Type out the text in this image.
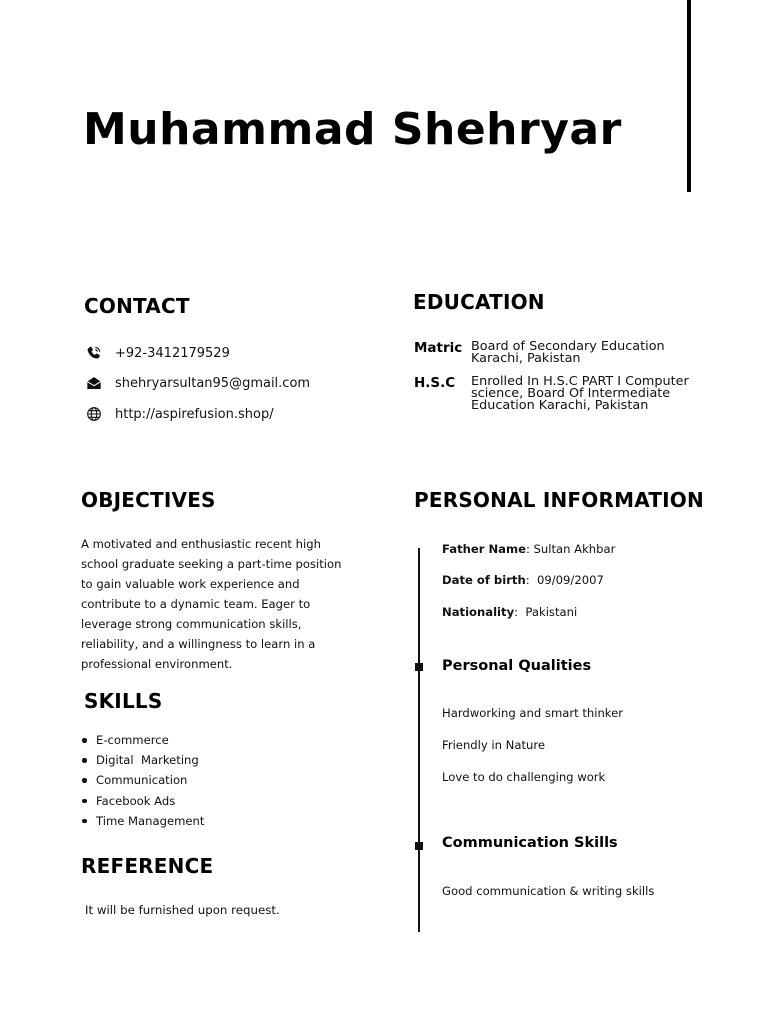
Muhammad Shehryar
CONTACT
+92-3412179529
shehryarsultan95@gmail.com
http://aspirefusion.shop/
EDUCATION
Matric Board of Secondary Education
Karachi, Pakistan
H.S.C Enrolled In H.S.C PART I Computer
science, Board Of Intermediate
Education Karachi, Pakistan
OBJECTIVES

A motivated and enthusiastic recent high school graduate seeking a part-time position to gain valuable work experience and contribute to a dynamic team. Eager to leverage strong communication skills, reliability, and a willingness to learn in a professional environment.

SKILLS
E-commerce
Digital  Marketing
Communication
Facebook Ads
Time Management
REFERENCE
It will be furnished upon request.
PERSONAL INFORMATION
Father Name: Sultan Akhbar
Date of birth:  09/09/2007
Nationality:  Pakistani
Personal Qualities
Hardworking and smart thinker
Friendly in Nature
Love to do challenging work
Communication Skills
Good communication & writing skills
